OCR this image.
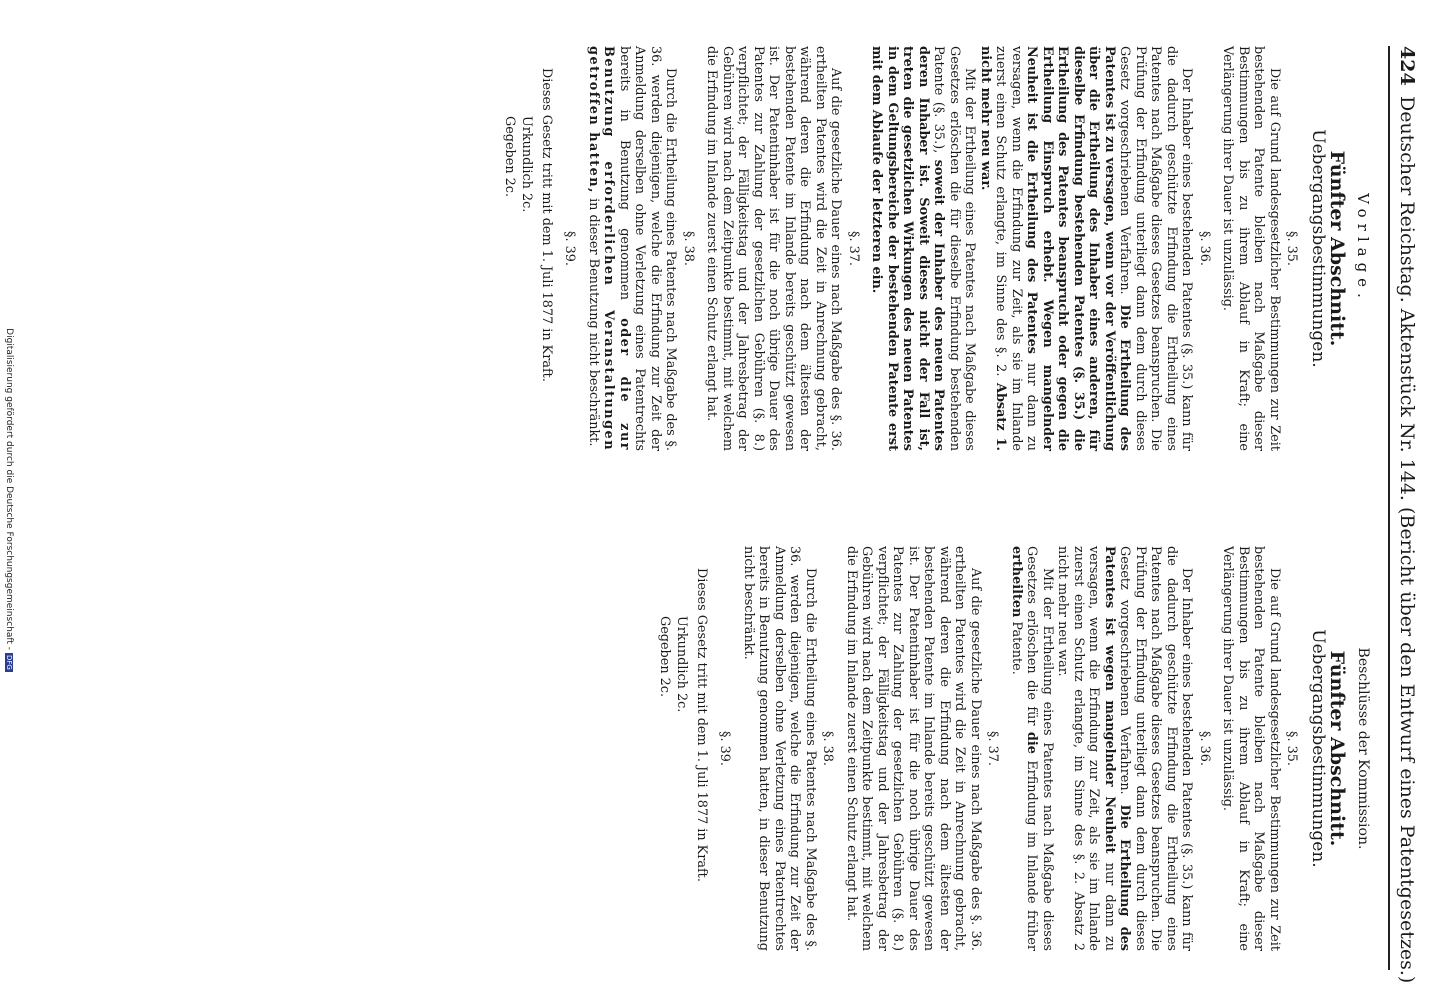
424
Deutscher Reichstag. Aktenstück Nr. 144. (Bericht über den Entwurf eines Patentgesetzes.)
Vorlage.
Fünfter Abschnitt.
Uebergangsbestimmungen.
§. 35.

Die auf Grund landesgesetzlicher Bestimmungen zur Zeit bestehenden Patente bleiben nach Maßgabe dieser Bestimmungen bis zu ihrem Ablauf in Kraft; eine Verlängerung ihrer Dauer ist unzulässig.

§. 36.

Der Inhaber eines bestehenden Patentes (§. 35.) kann für die dadurch geschützte Erfindung die Ertheilung eines Patentes nach Maßgabe dieses Gesetzes beanspruchen. Die Prüfung der Erfindung unterliegt dann dem durch dieses Gesetz vorgeschriebenen Verfahren. Die Ertheilung des Patentes ist zu versagen, wenn vor der Veröffentlichung über die Ertheilung des Inhaber eines anderen, für dieselbe Erfindung bestehenden Patentes (§. 35.) die Ertheilung des Patentes beansprucht oder gegen die Ertheilung Einspruch erhebt. Wegen mangelnder Neuheit ist die Ertheilung des Patentes nur dann zu versagen, wenn die Erfindung zur Zeit, als sie im Inlande zuerst einen Schutz erlangte, im Sinne des §. 2. Absatz 1. nicht mehr neu war.

Mit der Ertheilung eines Patentes nach Maßgabe dieses Gesetzes erlöschen die für dieselbe Erfindung bestehenden Patente (§. 35.), soweit der Inhaber des neuen Patentes deren Inhaber ist. Soweit dieses nicht der Fall ist, treten die gesetzlichen Wirkungen des neuen Patentes in dem Geltungsbereiche der bestehenden Patente erst mit dem Ablaufe der letzteren ein.

§. 37.

Auf die gesetzliche Dauer eines nach Maßgabe des §. 36. ertheilten Patentes wird die Zeit in Anrechnung gebracht, während deren die Erfindung nach dem ältesten der bestehenden Patente im Inlande bereits geschützt gewesen ist. Der Patentinhaber ist für die noch übrige Dauer des Patentes zur Zahlung der gesetzlichen Gebühren (§. 8.) verpflichtet; der Fälligkeitstag und der Jahresbetrag der Gebühren wird nach dem Zeitpunkte bestimmt, mit welchem die Erfindung im Inlande zuerst einen Schutz erlangt hat.

§. 38.

Durch die Ertheilung eines Patentes nach Maßgabe des §. 36. werden diejenigen, welche die Erfindung zur Zeit der Anmeldung derselben ohne Verletzung eines Patentrechts bereits in Benutzung genommen oder die zur Benutzung erforderlichen Veranstaltungen getroffen hatten, in dieser Benutzung nicht beschränkt.

§. 39.

Dieses Gesetz tritt mit dem 1. Juli 1877 in Kraft.

Urkundlich 2c.
Gegeben 2c.
Beschlüsse der Kommission.
Fünfter Abschnitt.
Uebergangsbestimmungen.
§. 35.

Die auf Grund landesgesetzlicher Bestimmungen zur Zeit bestehenden Patente bleiben nach Maßgabe dieser Bestimmungen bis zu ihrem Ablauf in Kraft; eine Verlängerung ihrer Dauer ist unzulässig.

§. 36.

Der Inhaber eines bestehenden Patentes (§. 35.) kann für die dadurch geschützte Erfindung die Ertheilung eines Patentes nach Maßgabe dieses Gesetzes beanspruchen. Die Prüfung der Erfindung unterliegt dann dem durch dieses Gesetz vorgeschriebenen Verfahren. Die Ertheilung des Patentes ist wegen mangelnder Neuheit nur dann zu versagen, wenn die Erfindung zur Zeit, als sie im Inlande zuerst einen Schutz erlangte, im Sinne des §. 2. Absatz 2 nicht mehr neu war.

Mit der Ertheilung eines Patentes nach Maßgabe dieses Gesetzes erlöschen die für die Erfindung im Inlande früher ertheilten Patente.

§. 37.

Auf die gesetzliche Dauer eines nach Maßgabe des §. 36. ertheilten Patentes wird die Zeit in Anrechnung gebracht, während deren die Erfindung nach dem ältesten der bestehenden Patente im Inlande bereits geschützt gewesen ist. Der Patentinhaber ist für die noch übrige Dauer des Patentes zur Zahlung der gesetzlichen Gebühren (§. 8.) verpflichtet; der Fälligkeitstag und der Jahresbetrag der Gebühren wird nach dem Zeitpunkte bestimmt, mit welchem die Erfindung im Inlande zuerst einen Schutz erlangt hat.

§. 38.

Durch die Ertheilung eines Patentes nach Maßgabe des §. 36. werden diejenigen, welche die Erfindung zur Zeit der Anmeldung derselben ohne Verletzung eines Patentrechtes bereits in Benutzung genommen hatten, in dieser Benutzung nicht beschränkt.

§. 39.

Dieses Gesetz tritt mit dem 1. Juli 1877 in Kraft.

Urkundlich 2c.
Gegeben 2c.
Digitalisierung gefördert durch die Deutsche Forschungsgemeinschaft -DFG
